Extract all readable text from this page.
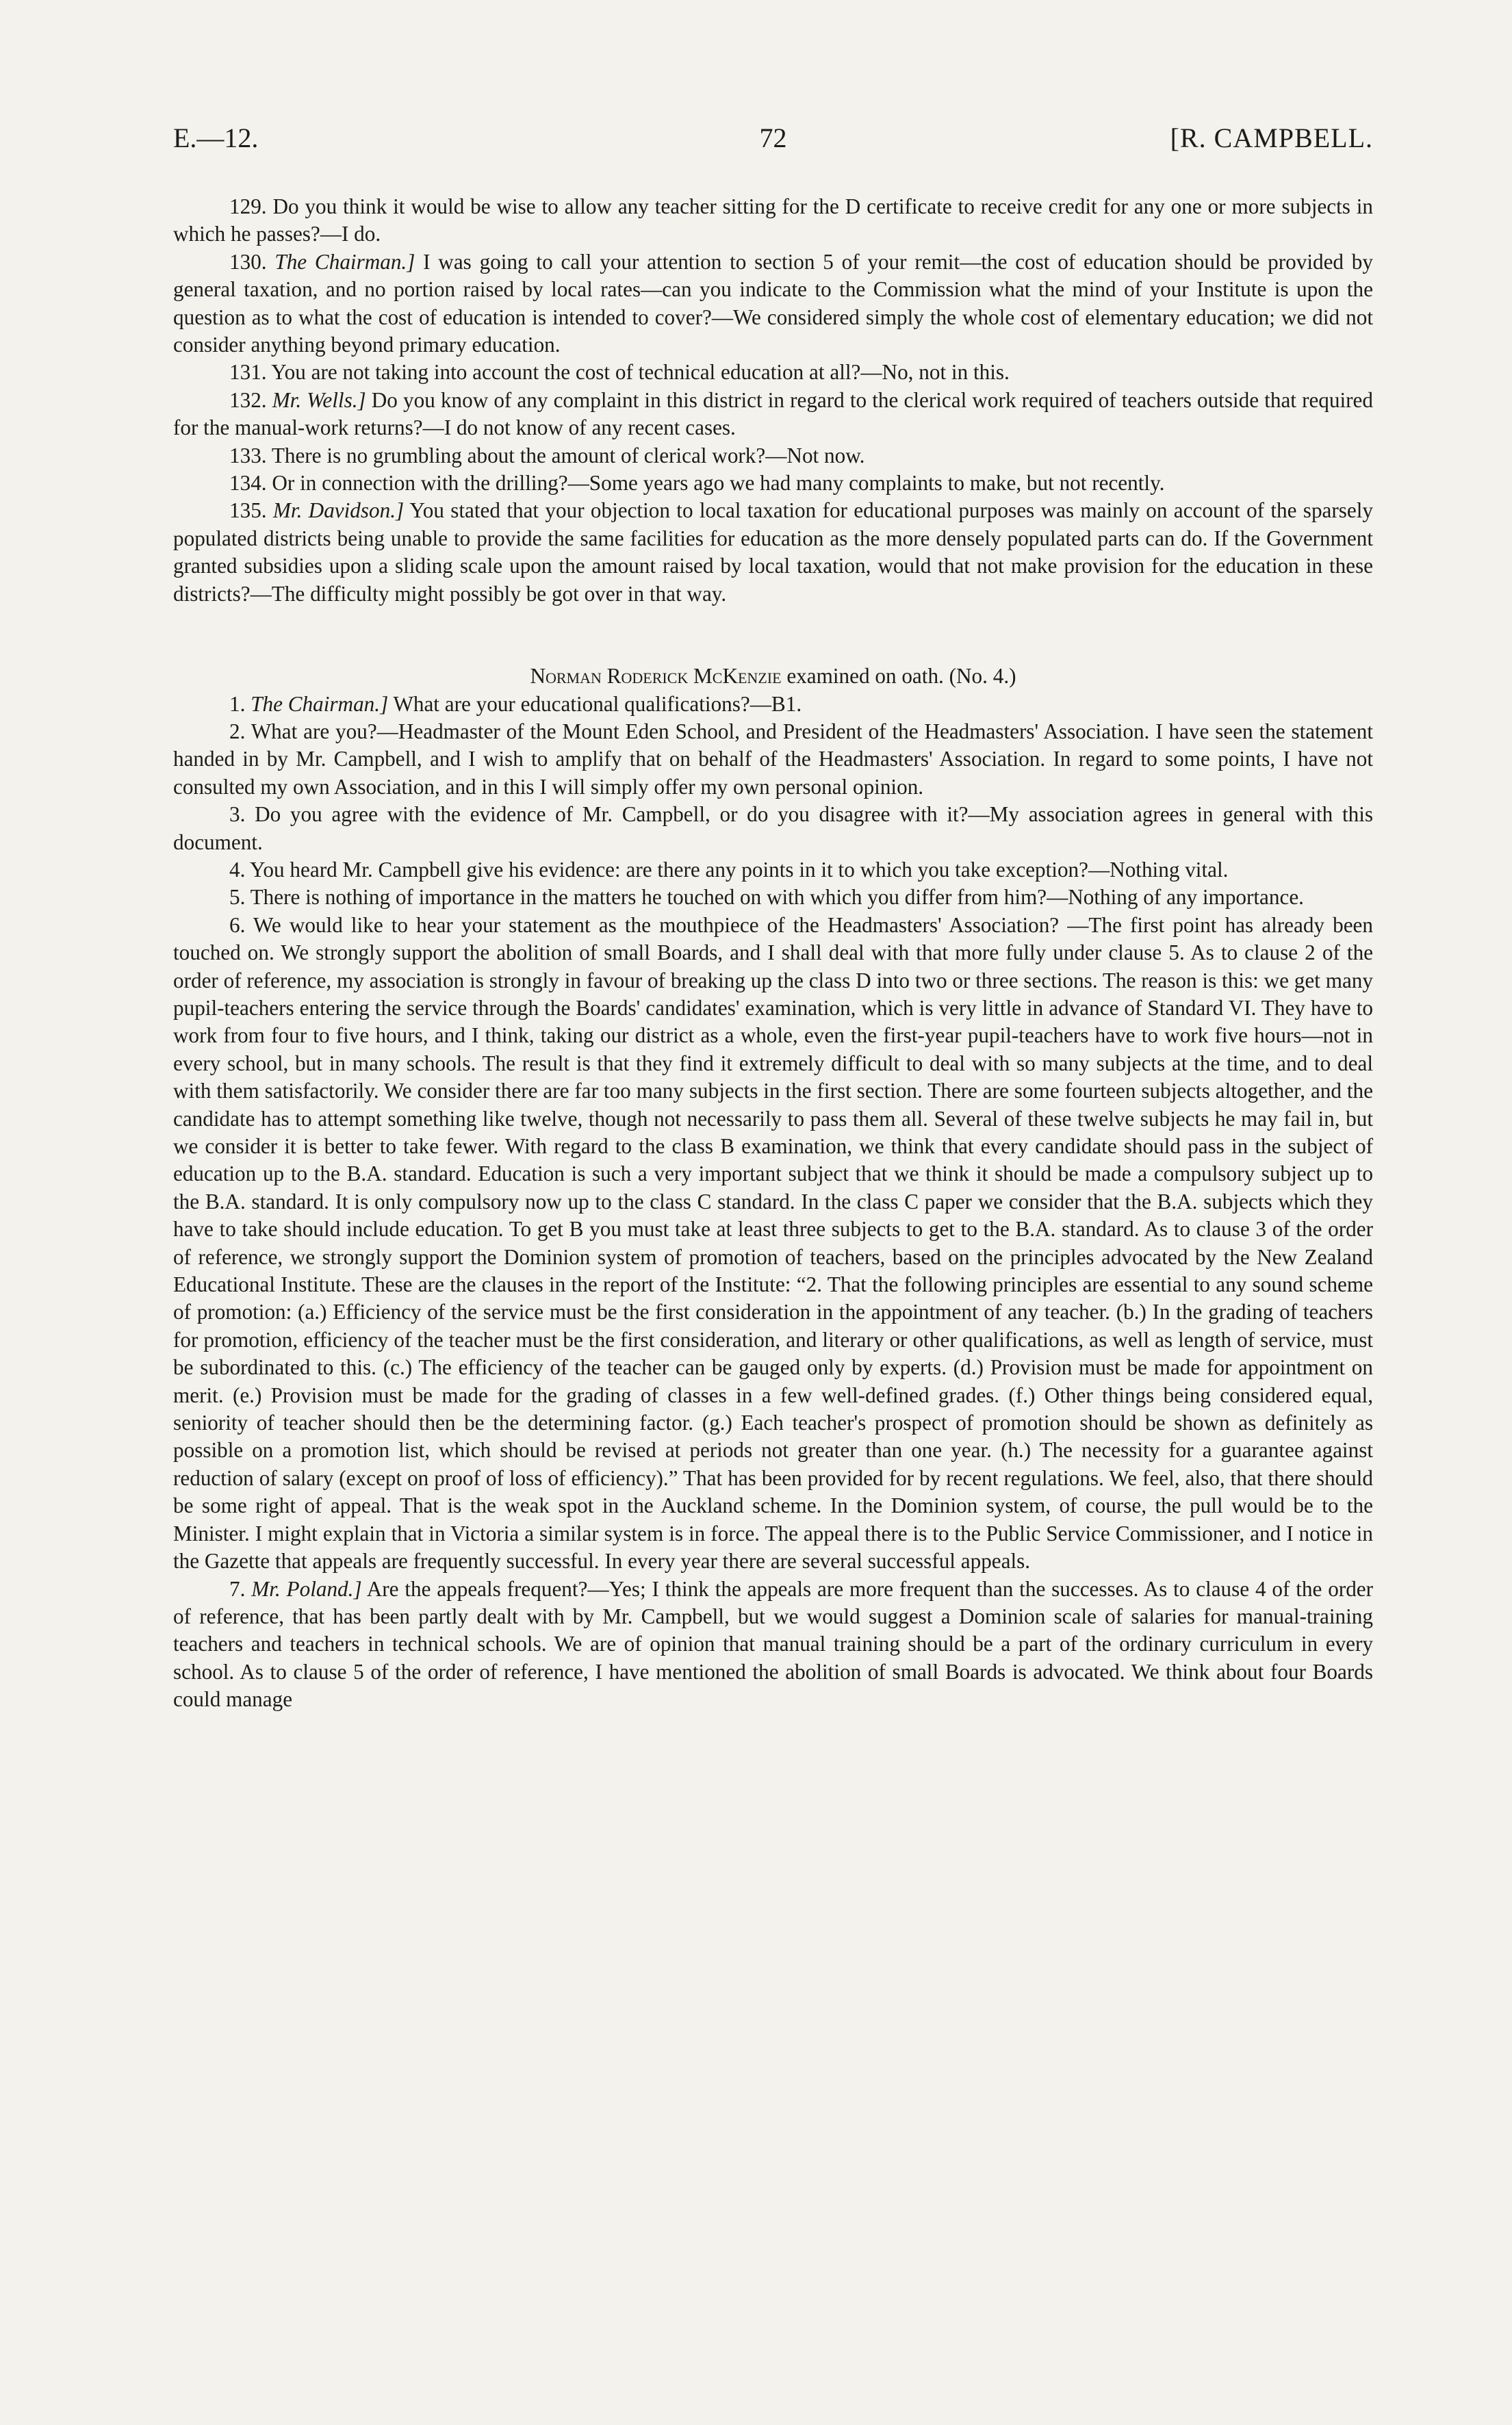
E.—12.	72	[R. CAMPBELL.

129. Do you think it would be wise to allow any teacher sitting for the D certificate to receive credit for any one or more subjects in which he passes?—I do.

130. The Chairman.] I was going to call your attention to section 5 of your remit—the cost of education should be provided by general taxation, and no portion raised by local rates—can you indicate to the Commission what the mind of your Institute is upon the question as to what the cost of education is intended to cover?—We considered simply the whole cost of elementary education; we did not consider anything beyond primary education.

131. You are not taking into account the cost of technical education at all?—No, not in this.

132. Mr. Wells.] Do you know of any complaint in this district in regard to the clerical work required of teachers outside that required for the manual-work returns?—I do not know of any recent cases.

133. There is no grumbling about the amount of clerical work?—Not now.

134. Or in connection with the drilling?—Some years ago we had many complaints to make, but not recently.

135. Mr. Davidson.] You stated that your objection to local taxation for educational purposes was mainly on account of the sparsely populated districts being unable to provide the same facilities for education as the more densely populated parts can do. If the Government granted subsidies upon a sliding scale upon the amount raised by local taxation, would that not make provision for the education in these districts?—The difficulty might possibly be got over in that way.

Norman Roderick McKenzie examined on oath. (No. 4.)

1. The Chairman.] What are your educational qualifications?—B1.

2. What are you?—Headmaster of the Mount Eden School, and President of the Headmasters' Association. I have seen the statement handed in by Mr. Campbell, and I wish to amplify that on behalf of the Headmasters' Association. In regard to some points, I have not consulted my own Association, and in this I will simply offer my own personal opinion.

3. Do you agree with the evidence of Mr. Campbell, or do you disagree with it?—My association agrees in general with this document.

4. You heard Mr. Campbell give his evidence: are there any points in it to which you take exception?—Nothing vital.

5. There is nothing of importance in the matters he touched on with which you differ from him?—Nothing of any importance.

6. We would like to hear your statement as the mouthpiece of the Headmasters' Association? —The first point has already been touched on. We strongly support the abolition of small Boards, and I shall deal with that more fully under clause 5. As to clause 2 of the order of reference, my association is strongly in favour of breaking up the class D into two or three sections. The reason is this: we get many pupil-teachers entering the service through the Boards' candidates' examination, which is very little in advance of Standard VI. They have to work from four to five hours, and I think, taking our district as a whole, even the first-year pupil-teachers have to work five hours—not in every school, but in many schools. The result is that they find it extremely difficult to deal with so many subjects at the time, and to deal with them satisfactorily. We consider there are far too many subjects in the first section. There are some fourteen subjects altogether, and the candidate has to attempt something like twelve, though not necessarily to pass them all. Several of these twelve subjects he may fail in, but we consider it is better to take fewer. With regard to the class B examination, we think that every candidate should pass in the subject of education up to the B.A. standard. Education is such a very important subject that we think it should be made a compulsory subject up to the B.A. standard. It is only compulsory now up to the class C standard. In the class C paper we consider that the B.A. subjects which they have to take should include education. To get B you must take at least three subjects to get to the B.A. standard. As to clause 3 of the order of reference, we strongly support the Dominion system of promotion of teachers, based on the principles advocated by the New Zealand Educational Institute. These are the clauses in the report of the Institute: “2. That the following principles are essential to any sound scheme of promotion: (a.) Efficiency of the service must be the first consideration in the appointment of any teacher. (b.) In the grading of teachers for promotion, efficiency of the teacher must be the first consideration, and literary or other qualifications, as well as length of service, must be subordinated to this. (c.) The efficiency of the teacher can be gauged only by experts. (d.) Provision must be made for appointment on merit. (e.) Provision must be made for the grading of classes in a few well-defined grades. (f.) Other things being considered equal, seniority of teacher should then be the determining factor. (g.) Each teacher's prospect of promotion should be shown as definitely as possible on a promotion list, which should be revised at periods not greater than one year. (h.) The necessity for a guarantee against reduction of salary (except on proof of loss of efficiency).” That has been provided for by recent regulations. We feel, also, that there should be some right of appeal. That is the weak spot in the Auckland scheme. In the Dominion system, of course, the pull would be to the Minister. I might explain that in Victoria a similar system is in force. The appeal there is to the Public Service Commissioner, and I notice in the Gazette that appeals are frequently successful. In every year there are several successful appeals.

7. Mr. Poland.] Are the appeals frequent?—Yes; I think the appeals are more frequent than the successes. As to clause 4 of the order of reference, that has been partly dealt with by Mr. Campbell, but we would suggest a Dominion scale of salaries for manual-training teachers and teachers in technical schools. We are of opinion that manual training should be a part of the ordinary curriculum in every school. As to clause 5 of the order of reference, I have mentioned the abolition of small Boards is advocated. We think about four Boards could manage
